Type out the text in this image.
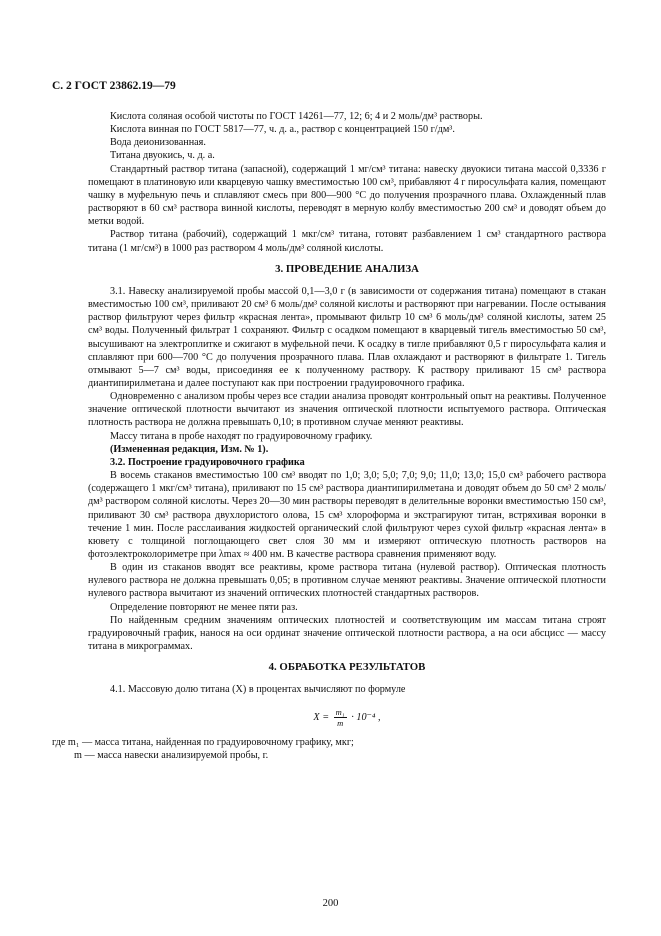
С. 2 ГОСТ 23862.19—79

Кислота соляная особой чистоты по ГОСТ 14261—77, 12; 6; 4 и 2 моль/дм³ растворы.

Кислота винная по ГОСТ 5817—77, ч. д. а., раствор с концентрацией 150 г/дм³.

Вода деионизованная.

Титана двуокись, ч. д. а.

Стандартный раствор титана (запасной), содержащий 1 мг/см³ титана: навеску двуокиси титана массой 0,3336 г помещают в платиновую или кварцевую чашку вместимостью 100 см³, прибавляют 4 г пиросульфата калия, помещают чашку в муфельную печь и сплавляют смесь при 800—900 °С до получения прозрачного плава. Охлажденный плав растворяют в 60 см³ раствора винной кислоты, переводят в мерную колбу вместимостью 200 см³ и доводят объем до метки водой.

Раствор титана (рабочий), содержащий 1 мкг/см³ титана, готовят разбавлением 1 см³ стандартного раствора титана (1 мг/см³) в 1000 раз раствором 4 моль/дм³ соляной кислоты.

3. ПРОВЕДЕНИЕ АНАЛИЗА

3.1. Навеску анализируемой пробы массой 0,1—3,0 г (в зависимости от содержания титана) помещают в стакан вместимостью 100 см³, приливают 20 см³ 6 моль/дм³ соляной кислоты и растворяют при нагревании. После остывания раствор фильтруют через фильтр «красная лента», промывают фильтр 10 см³ 6 моль/дм³ соляной кислоты, затем 25 см³ воды. Полученный фильтрат 1 сохраняют. Фильтр с осадком помещают в кварцевый тигель вместимостью 50 см³, высушивают на электроплитке и сжигают в муфельной печи. К осадку в тигле прибавляют 0,5 г пиросульфата калия и сплавляют при 600—700 °С до получения прозрачного плава. Плав охлаждают и растворяют в фильтрате 1. Тигель отмывают 5—7 см³ воды, присоединяя ее к полученному раствору. К раствору приливают 15 см³ раствора диантипирилметана и далее поступают как при построении градуировочного графика.

Одновременно с анализом пробы через все стадии анализа проводят контрольный опыт на реактивы. Полученное значение оптической плотности вычитают из значения оптической плотности испытуемого раствора. Оптическая плотность раствора не должна превышать 0,10; в противном случае меняют реактивы.

Массу титана в пробе находят по градуировочному графику.

(Измененная редакция, Изм. № 1).

3.2. Построение градуировочного графика

В восемь стаканов вместимостью 100 см³ вводят по 1,0; 3,0; 5,0; 7,0; 9,0; 11,0; 13,0; 15,0 см³ рабочего раствора (содержащего 1 мкг/см³ титана), приливают по 15 см³ раствора диантипирилметана и доводят объем до 50 см³ 2 моль/дм³ раствором соляной кислоты. Через 20—30 мин растворы переводят в делительные воронки вместимостью 150 см³, приливают 30 см³ раствора двухлористого олова, 15 см³ хлороформа и экстрагируют титан, встряхивая воронки в течение 1 мин. После расслаивания жидкостей органический слой фильтруют через сухой фильтр «красная лента» в кювету с толщиной поглощающего свет слоя 30 мм и измеряют оптическую плотность растворов на фотоэлектроколориметре при λmax ≈ 400 нм. В качестве раствора сравнения применяют воду.

В один из стаканов вводят все реактивы, кроме раствора титана (нулевой раствор). Оптическая плотность нулевого раствора не должна превышать 0,05; в противном случае меняют реактивы. Значение оптической плотности нулевого раствора вычитают из значений оптических плотностей стандартных растворов.

Определение повторяют не менее пяти раз.

По найденным средним значениям оптических плотностей и соответствующим им массам титана строят градуировочный график, нанося на оси ординат значение оптической плотности раствора, а на оси абсцисс — массу титана в микрограммах.

4. ОБРАБОТКА РЕЗУЛЬТАТОВ

4.1. Массовую долю титана (X) в процентах вычисляют по формуле

$X = \frac{\text{m₁}}{m} \cdot 10^{-4}$ ,

где m₁ — масса титана, найденная по градуировочному графику, мкг;

m — масса навески анализируемой пробы, г.

200
